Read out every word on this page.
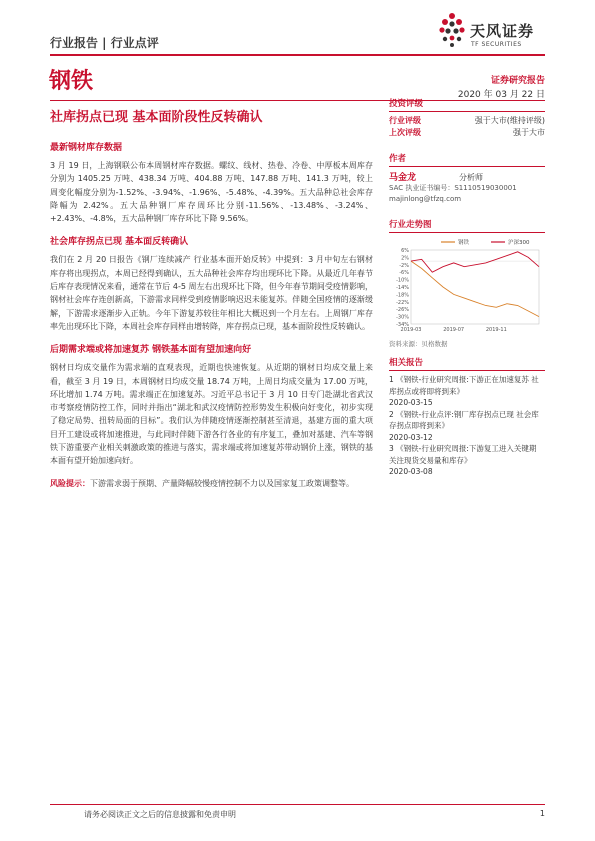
行业报告 | 行业点评
天风证券
TF SECURITIES
钢铁	证券研究报告
2020 年 03 月 22 日
社库拐点已现 基本面阶段性反转确认
最新钢材库存数据
3 月 19 日，上海钢联公布本周钢材库存数据。螺纹、线材、热卷、冷卷、中厚板本周库存分别为 1405.25 万吨、438.34 万吨、404.88 万吨、147.88 万吨、141.3 万吨，较上周变化幅度分别为-1.52%、-3.94%、-1.96%、-5.48%、-4.39%。五大品种总社会库存降幅为 2.42%。五大品种钢厂库存周环比分别-11.56%、-13.48%、-3.24%、+2.43%、-4.8%，五大品种钢厂库存环比下降 9.56%。
社会库存拐点已现 基本面反转确认
我们在 2 月 20 日报告《钢厂连续减产 行业基本面开始反转》中提到：3 月中旬左右钢材库存将出现拐点，本周已经得到确认，五大品种社会库存均出现环比下降。从最近几年春节后库存表现情况来看，通常在节后 4-5 周左右出现环比下降，但今年春节期间受疫情影响，钢材社会库存连创新高，下游需求同样受到疫情影响迟迟未能复苏。伴随全国疫情的逐渐缓解，下游需求逐渐步入正轨。今年下游复苏较往年相比大概迟到一个月左右。上周钢厂库存率先出现环比下降，本周社会库存同样由增转降，库存拐点已现，基本面阶段性反转确认。
后期需求端或将加速复苏 钢铁基本面有望加速向好
钢材日均成交量作为需求端的直观表现，近期也快速恢复。从近期的钢材日均成交量上来看，截至 3 月 19 日，本周钢材日均成交量 18.74 万吨，上周日均成交量为 17.00 万吨，环比增加 1.74 万吨。需求端正在加速复苏。习近平总书记于 3 月 10 日专门赴湖北省武汉市考察疫情防控工作，同时并指出“湖北和武汉疫情防控形势发生积极向好变化，初步实现了稳定局势、扭转局面的目标”。我们认为伴随疫情逐渐控制甚至清退，基建方面的重大项目开工建设或将加速推进，与此同时伴随下游各行各业的有序复工，叠加对基建、汽车等钢铁下游重要产业相关刺激政策的推进与落实，需求端或将加速复苏带动钢价上涨，钢铁的基本面有望开始加速向好。
风险提示：下游需求弱于预期、产量降幅较慢疫情控制不力以及国家复工政策调整等。
投资评级
行业评级	强于大市(维持评级)
上次评级	强于大市
作者
马金龙	分析师
SAC 执业证书编号：S1110519030001
majinlong@tfzq.com
行业走势图
6%
2%
-2%
-6%
-10%
-14%
-18%
-22%
-26%
-30%
-34%
2019-03	2019-07	2019-11
钢铁	沪深300
资料来源：贝格数据
相关报告
1 《钢铁-行业研究周报:下游正在加速复苏 社库拐点或将即将到来》
2020-03-15
2 《钢铁-行业点评:钢厂库存拐点已现 社会库存拐点即将到来》
2020-03-12
3 《钢铁-行业研究周报:下游复工进入关键期 关注现货交易量和库存》
2020-03-08
请务必阅读正文之后的信息披露和免责申明	1
